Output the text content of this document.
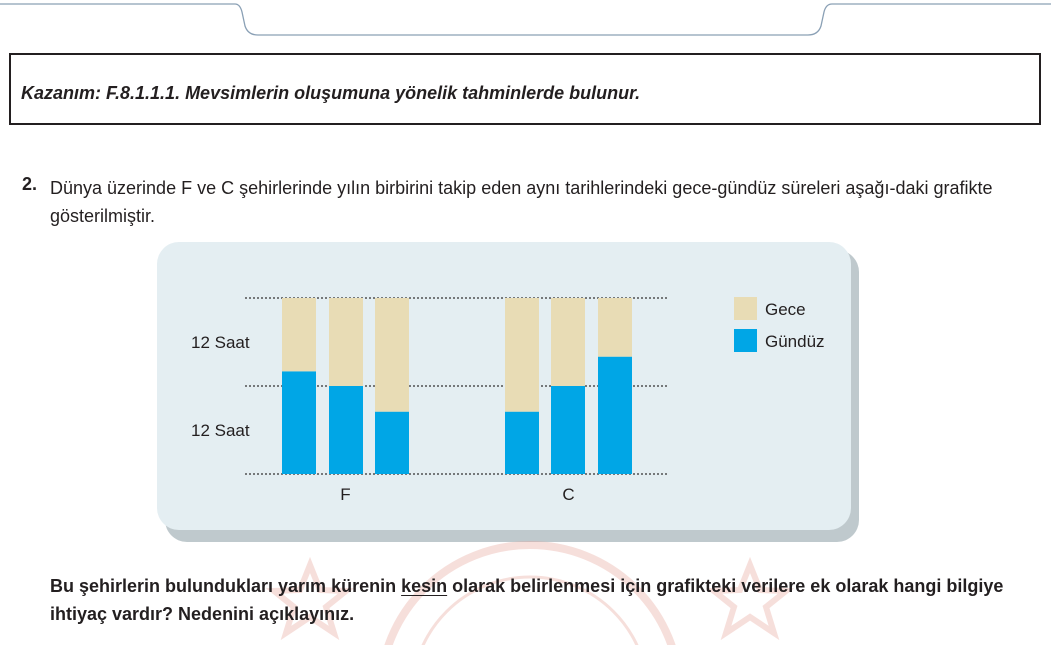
Kazanım: F.8.1.1.1. Mevsimlerin oluşumuna yönelik tahminlerde bulunur.
2. Dünya üzerinde F ve C şehirlerinde yılın birbirini takip eden aynı tarihlerindeki gece-gündüz süreleri aşağı-daki grafikte gösterilmiştir.
12 Saat
12 Saat
F	C
Gece
Gündüz
Bu şehirlerin bulundukları yarım kürenin kesin olarak belirlenmesi için grafikteki verilere ek olarak hangi bilgiye ihtiyaç vardır? Nedenini açıklayınız.
